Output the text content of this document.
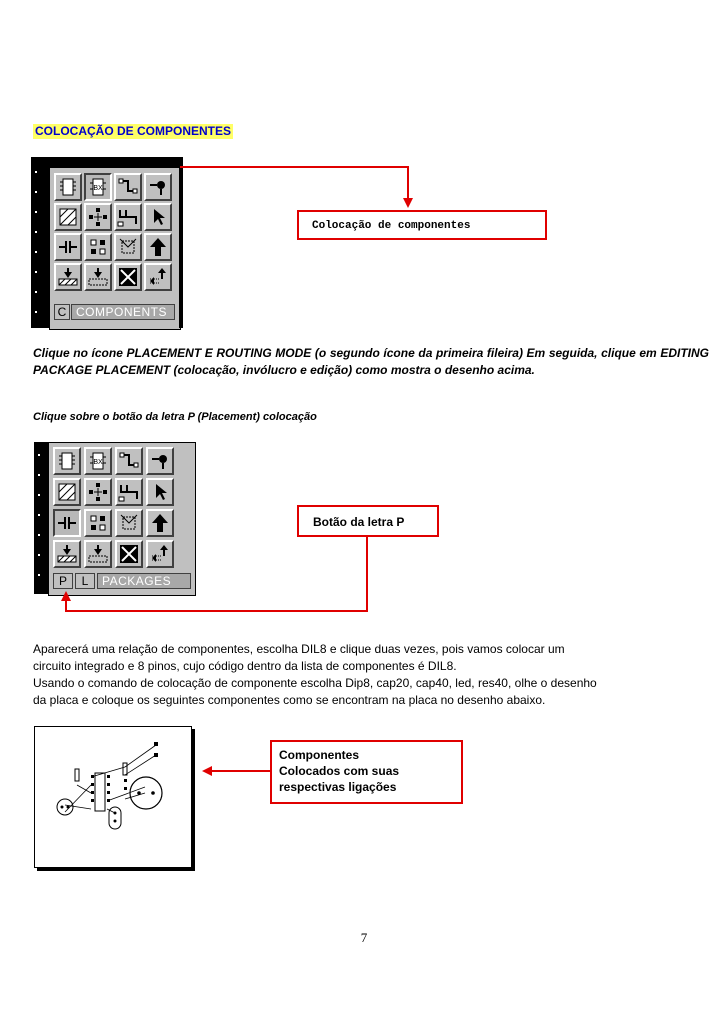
COLOCAÇÃO DE COMPONENTES
BX
C COMPONENTS
Colocação de componentes
Clique no ícone PLACEMENT E ROUTING MODE (o segundo ícone da primeira fileira) Em seguida, clique em EDITING PACKAGE PLACEMENT (colocação, invólucro e edição) como mostra o desenho acima.
Clique sobre o botão da letra P (Placement) colocação
BX
P	L	PACKAGES
Botão da letra P
Aparecerá uma relação de componentes, escolha DIL8 e clique duas vezes, pois vamos colocar um
circuito integrado e 8 pinos, cujo código dentro da lista de componentes é DIL8.
Usando o comando de colocação de componente escolha Dip8, cap20, cap40, led, res40, olhe o desenho
da placa e coloque os seguintes componentes como se encontram na placa no desenho abaixo.
Componentes
Colocados com suas
respectivas ligações
7
